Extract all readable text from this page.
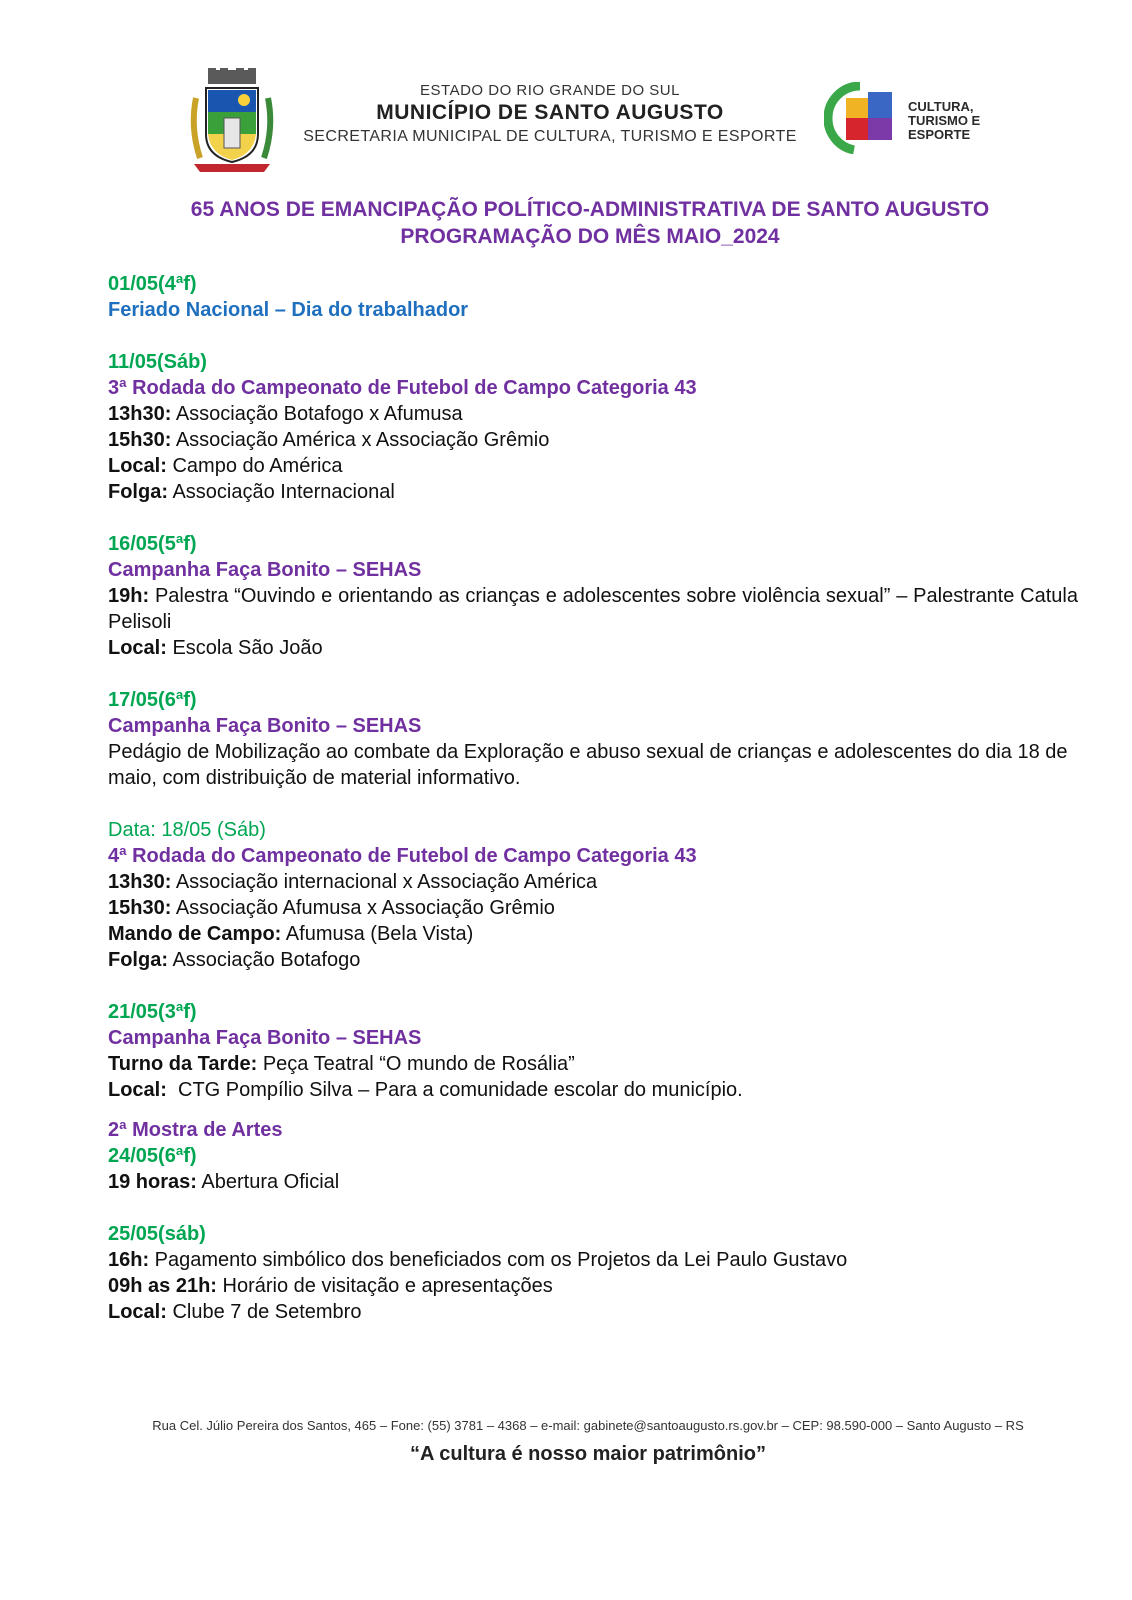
ESTADO DO RIO GRANDE DO SUL
MUNICÍPIO DE SANTO AUGUSTO
SECRETARIA MUNICIPAL DE CULTURA, TURISMO E ESPORTE
CULTURA,
TURISMO E
ESPORTE
65 ANOS DE EMANCIPAÇÃO POLÍTICO-ADMINISTRATIVA DE SANTO AUGUSTO
PROGRAMAÇÃO DO MÊS MAIO_2024
01/05(4ªf)
Feriado Nacional – Dia do trabalhador
11/05(Sáb)
3ª Rodada do Campeonato de Futebol de Campo Categoria 43
13h30: Associação Botafogo x Afumusa
15h30: Associação América x Associação Grêmio
Local: Campo do América
Folga: Associação Internacional
16/05(5ªf)
Campanha Faça Bonito – SEHAS
19h: Palestra “Ouvindo e orientando as crianças e adolescentes sobre violência sexual” – Palestrante Catula Pelisoli
Local: Escola São João
17/05(6ªf)
Campanha Faça Bonito – SEHAS
Pedágio de Mobilização ao combate da Exploração e abuso sexual de crianças e adolescentes do dia 18 de maio, com distribuição de material informativo.
Data: 18/05 (Sáb)
4ª Rodada do Campeonato de Futebol de Campo Categoria 43
13h30: Associação internacional x Associação América
15h30: Associação Afumusa x Associação Grêmio
Mando de Campo: Afumusa (Bela Vista)
Folga: Associação Botafogo
21/05(3ªf)
Campanha Faça Bonito – SEHAS
Turno da Tarde: Peça Teatral “O mundo de Rosália”
Local:  CTG Pompílio Silva – Para a comunidade escolar do município.
2ª Mostra de Artes
24/05(6ªf)
19 horas: Abertura Oficial
25/05(sáb)
16h: Pagamento simbólico dos beneficiados com os Projetos da Lei Paulo Gustavo
09h as 21h: Horário de visitação e apresentações
Local: Clube 7 de Setembro
Rua Cel. Júlio Pereira dos Santos, 465 – Fone: (55) 3781 – 4368 – e-mail: gabinete@santoaugusto.rs.gov.br – CEP: 98.590-000 – Santo Augusto – RS
“A cultura é nosso maior patrimônio”
